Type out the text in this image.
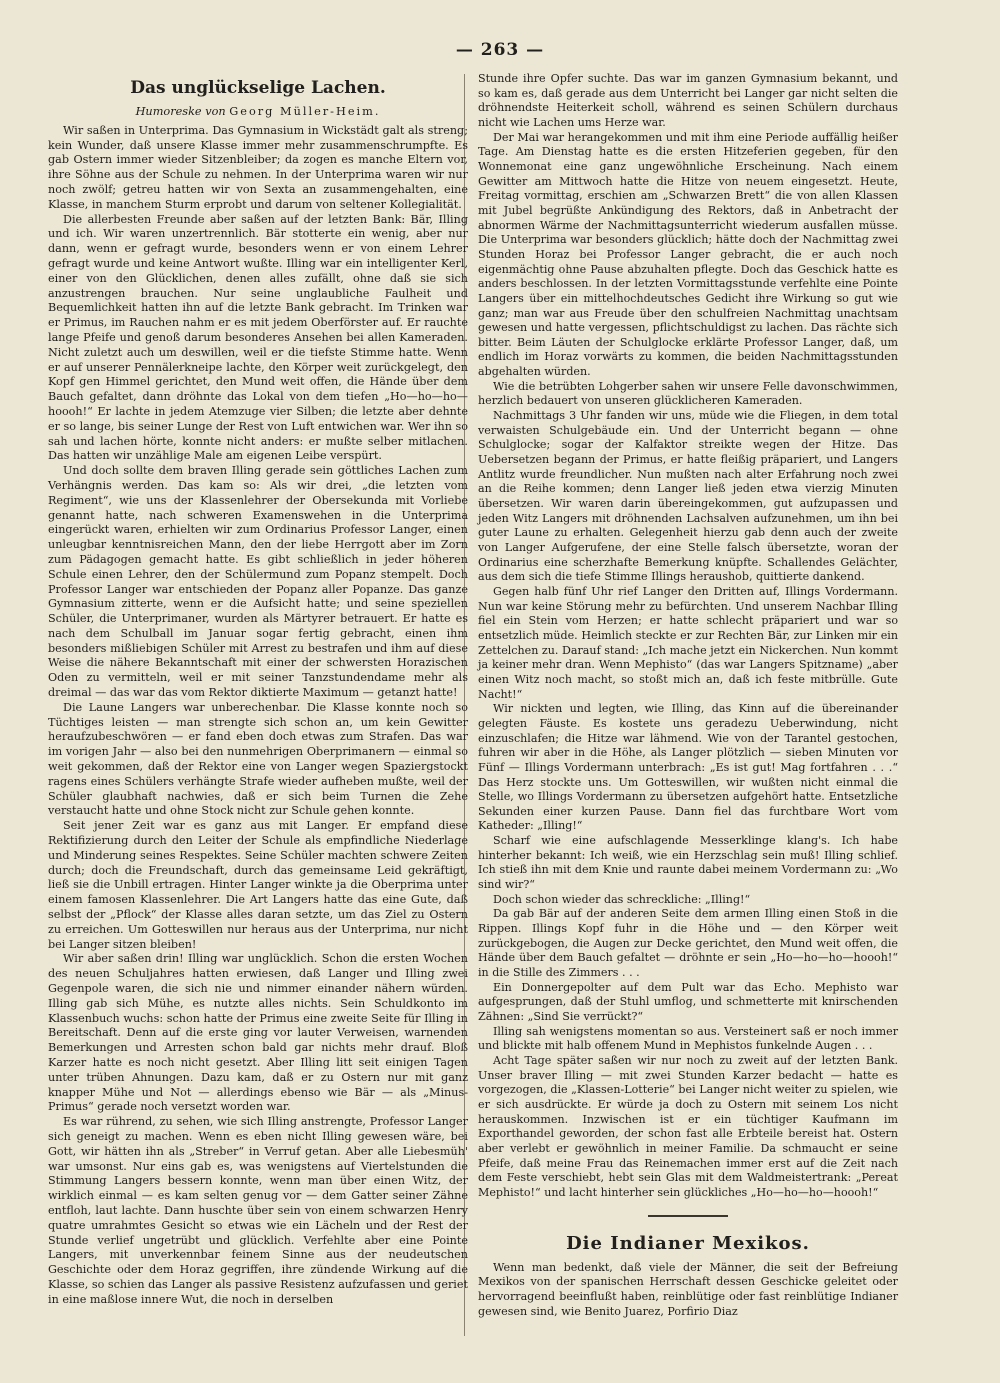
— 263 —
Das unglückselige Lachen.
Humoreske von Georg Müller-Heim.

Wir saßen in Unterprima. Das Gymnasium in Wickstädt galt als streng; kein Wunder, daß unsere Klasse immer mehr zusammenschrumpfte. Es gab Ostern immer wieder Sitzenbleiber; da zogen es manche Eltern vor, ihre Söhne aus der Schule zu nehmen. In der Unterprima waren wir nur noch zwölf; getreu hatten wir von Sexta an zusammengehalten, eine Klasse, in manchem Sturm erprobt und darum von seltener Kollegialität.

Die allerbesten Freunde aber saßen auf der letzten Bank: Bär, Illing und ich. Wir waren unzertrennlich. Bär stotterte ein wenig, aber nur dann, wenn er gefragt wurde, besonders wenn er von einem Lehrer gefragt wurde und keine Antwort wußte. Illing war ein intelligenter Kerl, einer von den Glücklichen, denen alles zufällt, ohne daß sie sich anzustrengen brauchen. Nur seine unglaubliche Faulheit und Bequemlichkeit hatten ihn auf die letzte Bank gebracht. Im Trinken war er Primus, im Rauchen nahm er es mit jedem Oberförster auf. Er rauchte lange Pfeife und genoß darum besonderes Ansehen bei allen Kameraden. Nicht zuletzt auch um deswillen, weil er die tiefste Stimme hatte. Wenn er auf unserer Pennälerkneipe lachte, den Körper weit zurückgelegt, den Kopf gen Himmel gerichtet, den Mund weit offen, die Hände über dem Bauch gefaltet, dann dröhnte das Lokal von dem tiefen „Ho—ho—ho—hoooh!“ Er lachte in jedem Atemzuge vier Silben; die letzte aber dehnte er so lange, bis seiner Lunge der Rest von Luft entwichen war. Wer ihn so sah und lachen hörte, konnte nicht anders: er mußte selber mitlachen. Das hatten wir unzählige Male am eigenen Leibe verspürt.

Und doch sollte dem braven Illing gerade sein göttliches Lachen zum Verhängnis werden. Das kam so: Als wir drei, „die letzten vom Regiment“, wie uns der Klassenlehrer der Obersekunda mit Vorliebe genannt hatte, nach schweren Examenswehen in die Unterprima eingerückt waren, erhielten wir zum Ordinarius Professor Langer, einen unleugbar kenntnisreichen Mann, den der liebe Herrgott aber im Zorn zum Pädagogen gemacht hatte. Es gibt schließlich in jeder höheren Schule einen Lehrer, den der Schülermund zum Popanz stempelt. Doch Professor Langer war entschieden der Popanz aller Popanze. Das ganze Gymnasium zitterte, wenn er die Aufsicht hatte; und seine speziellen Schüler, die Unterprimaner, wurden als Märtyrer betrauert. Er hatte es nach dem Schulball im Januar sogar fertig gebracht, einen ihm besonders mißliebigen Schüler mit Arrest zu bestrafen und ihm auf diese Weise die nähere Bekanntschaft mit einer der schwersten Horazischen Oden zu vermitteln, weil er mit seiner Tanzstundendame mehr als dreimal — das war das vom Rektor diktierte Maximum — getanzt hatte!

Die Laune Langers war unberechenbar. Die Klasse konnte noch so Tüchtiges leisten — man strengte sich schon an, um kein Gewitter heraufzubeschwören — er fand eben doch etwas zum Strafen. Das war im vorigen Jahr — also bei den nunmehrigen Oberprimanern — einmal so weit gekommen, daß der Rektor eine von Langer wegen Spaziergstockt ragens eines Schülers verhängte Strafe wieder aufheben mußte, weil der Schüler glaubhaft nachwies, daß er sich beim Turnen die Zehe verstaucht hatte und ohne Stock nicht zur Schule gehen konnte.

Seit jener Zeit war es ganz aus mit Langer. Er empfand diese Rektifizierung durch den Leiter der Schule als empfindliche Niederlage und Minderung seines Respektes. Seine Schüler machten schwere Zeiten durch; doch die Freundschaft, durch das gemeinsame Leid gekräftigt, ließ sie die Unbill ertragen. Hinter Langer winkte ja die Oberprima unter einem famosen Klassenlehrer. Die Art Langers hatte das eine Gute, daß selbst der „Pflock“ der Klasse alles daran setzte, um das Ziel zu Ostern zu erreichen. Um Gotteswillen nur heraus aus der Unterprima, nur nicht bei Langer sitzen bleiben!

Wir aber saßen drin! Illing war unglücklich. Schon die ersten Wochen des neuen Schuljahres hatten erwiesen, daß Langer und Illing zwei Gegenpole waren, die sich nie und nimmer einander nähern würden. Illing gab sich Mühe, es nutzte alles nichts. Sein Schuldkonto im Klassenbuch wuchs: schon hatte der Primus eine zweite Seite für Illing in Bereitschaft. Denn auf die erste ging vor lauter Verweisen, warnenden Bemerkungen und Arresten schon bald gar nichts mehr drauf. Bloß Karzer hatte es noch nicht gesetzt. Aber Illing litt seit einigen Tagen unter trüben Ahnungen. Dazu kam, daß er zu Ostern nur mit ganz knapper Mühe und Not — allerdings ebenso wie Bär — als „Minus-Primus“ gerade noch versetzt worden war.

Es war rührend, zu sehen, wie sich Illing anstrengte, Professor Langer sich geneigt zu machen. Wenn es eben nicht Illing gewesen wäre, bei Gott, wir hätten ihn als „Streber“ in Verruf getan. Aber alle Liebesmüh' war umsonst. Nur eins gab es, was wenigstens auf Viertelstunden die Stimmung Langers bessern konnte, wenn man über einen Witz, der wirklich einmal — es kam selten genug vor — dem Gatter seiner Zähne entfloh, laut lachte. Dann huschte über sein von einem schwarzen Henry quatre umrahmtes Gesicht so etwas wie ein Lächeln und der Rest der Stunde verlief ungetrübt und glücklich. Verfehlte aber eine Pointe Langers, mit unverkennbar feinem Sinne aus der neudeutschen Geschichte oder dem Horaz gegriffen, ihre zündende Wirkung auf die Klasse, so schien das Langer als passive Resistenz aufzufassen und geriet in eine maßlose innere Wut, die noch in derselben

Stunde ihre Opfer suchte. Das war im ganzen Gymnasium bekannt, und so kam es, daß gerade aus dem Unterricht bei Langer gar nicht selten die dröhnendste Heiterkeit scholl, während es seinen Schülern durchaus nicht wie Lachen ums Herze war.

Der Mai war herangekommen und mit ihm eine Periode auffällig heißer Tage. Am Dienstag hatte es die ersten Hitzeferien gegeben, für den Wonnemonat eine ganz ungewöhnliche Erscheinung. Nach einem Gewitter am Mittwoch hatte die Hitze von neuem eingesetzt. Heute, Freitag vormittag, erschien am „Schwarzen Brett“ die von allen Klassen mit Jubel begrüßte Ankündigung des Rektors, daß in Anbetracht der abnormen Wärme der Nachmittagsunterricht wiederum ausfallen müsse. Die Unterprima war besonders glücklich; hätte doch der Nachmittag zwei Stunden Horaz bei Professor Langer gebracht, die er auch noch eigenmächtig ohne Pause abzuhalten pflegte. Doch das Geschick hatte es anders beschlossen. In der letzten Vormittagsstunde verfehlte eine Pointe Langers über ein mittelhochdeutsches Gedicht ihre Wirkung so gut wie ganz; man war aus Freude über den schulfreien Nachmittag unachtsam gewesen und hatte vergessen, pflichtschuldigst zu lachen. Das rächte sich bitter. Beim Läuten der Schulglocke erklärte Professor Langer, daß, um endlich im Horaz vorwärts zu kommen, die beiden Nachmittagsstunden abgehalten würden.

Wie die betrübten Lohgerber sahen wir unsere Felle davonschwimmen, herzlich bedauert von unseren glücklicheren Kameraden.

Nachmittags 3 Uhr fanden wir uns, müde wie die Fliegen, in dem total verwaisten Schulgebäude ein. Und der Unterricht begann — ohne Schulglocke; sogar der Kalfaktor streikte wegen der Hitze. Das Uebersetzen begann der Primus, er hatte fleißig präpariert, und Langers Antlitz wurde freundlicher. Nun mußten nach alter Erfahrung noch zwei an die Reihe kommen; denn Langer ließ jeden etwa vierzig Minuten übersetzen. Wir waren darin übereingekommen, gut aufzupassen und jeden Witz Langers mit dröhnenden Lachsalven aufzunehmen, um ihn bei guter Laune zu erhalten. Gelegenheit hierzu gab denn auch der zweite von Langer Aufgerufene, der eine Stelle falsch übersetzte, woran der Ordinarius eine scherzhafte Bemerkung knüpfte. Schallendes Gelächter, aus dem sich die tiefe Stimme Illings heraushob, quittierte dankend.

Gegen halb fünf Uhr rief Langer den Dritten auf, Illings Vordermann. Nun war keine Störung mehr zu befürchten. Und unserem Nachbar Illing fiel ein Stein vom Herzen; er hatte schlecht präpariert und war so entsetzlich müde. Heimlich steckte er zur Rechten Bär, zur Linken mir ein Zettelchen zu. Darauf stand: „Ich mache jetzt ein Nickerchen. Nun kommt ja keiner mehr dran. Wenn Mephisto“ (das war Langers Spitzname) „aber einen Witz noch macht, so stoßt mich an, daß ich feste mitbrülle. Gute Nacht!“

Wir nickten und legten, wie Illing, das Kinn auf die übereinander gelegten Fäuste. Es kostete uns geradezu Ueberwindung, nicht einzuschlafen; die Hitze war lähmend. Wie von der Tarantel gestochen, fuhren wir aber in die Höhe, als Langer plötzlich — sieben Minuten vor Fünf — Illings Vordermann unterbrach: „Es ist gut! Mag fortfahren . . .“ Das Herz stockte uns. Um Gotteswillen, wir wußten nicht einmal die Stelle, wo Illings Vordermann zu übersetzen aufgehört hatte. Entsetzliche Sekunden einer kurzen Pause. Dann fiel das furchtbare Wort vom Katheder: „Illing!“

Scharf wie eine aufschlagende Messerklinge klang's. Ich habe hinterher bekannt: Ich weiß, wie ein Herzschlag sein muß! Illing schlief. Ich stieß ihn mit dem Knie und raunte dabei meinem Vordermann zu: „Wo sind wir?“

Doch schon wieder das schreckliche: „Illing!“

Da gab Bär auf der anderen Seite dem armen Illing einen Stoß in die Rippen. Illings Kopf fuhr in die Höhe und — den Körper weit zurückgebogen, die Augen zur Decke gerichtet, den Mund weit offen, die Hände über dem Bauch gefaltet — dröhnte er sein „Ho—ho—ho—hoooh!“ in die Stille des Zimmers . . .

Ein Donnergepolter auf dem Pult war das Echo. Mephisto war aufgesprungen, daß der Stuhl umflog, und schmetterte mit knirschenden Zähnen: „Sind Sie verrückt?“

Illing sah wenigstens momentan so aus. Versteinert saß er noch immer und blickte mit halb offenem Mund in Mephistos funkelnde Augen . . .

Acht Tage später saßen wir nur noch zu zweit auf der letzten Bank. Unser braver Illing — mit zwei Stunden Karzer bedacht — hatte es vorgezogen, die „Klassen-Lotterie“ bei Langer nicht weiter zu spielen, wie er sich ausdrückte. Er würde ja doch zu Ostern mit seinem Los nicht herauskommen. Inzwischen ist er ein tüchtiger Kaufmann im Exporthandel geworden, der schon fast alle Erbteile bereist hat. Ostern aber verlebt er gewöhnlich in meiner Familie. Da schmaucht er seine Pfeife, daß meine Frau das Reinemachen immer erst auf die Zeit nach dem Feste verschiebt, hebt sein Glas mit dem Waldmeistertrank: „Pereat Mephisto!“ und lacht hinterher sein glückliches „Ho—ho—ho—hoooh!“

Die Indianer Mexikos.

Wenn man bedenkt, daß viele der Männer, die seit der Befreiung Mexikos von der spanischen Herrschaft dessen Geschicke geleitet oder hervorragend beeinflußt haben, reinblütige oder fast reinblütige Indianer gewesen sind, wie Benito Juarez, Porfirio Diaz
